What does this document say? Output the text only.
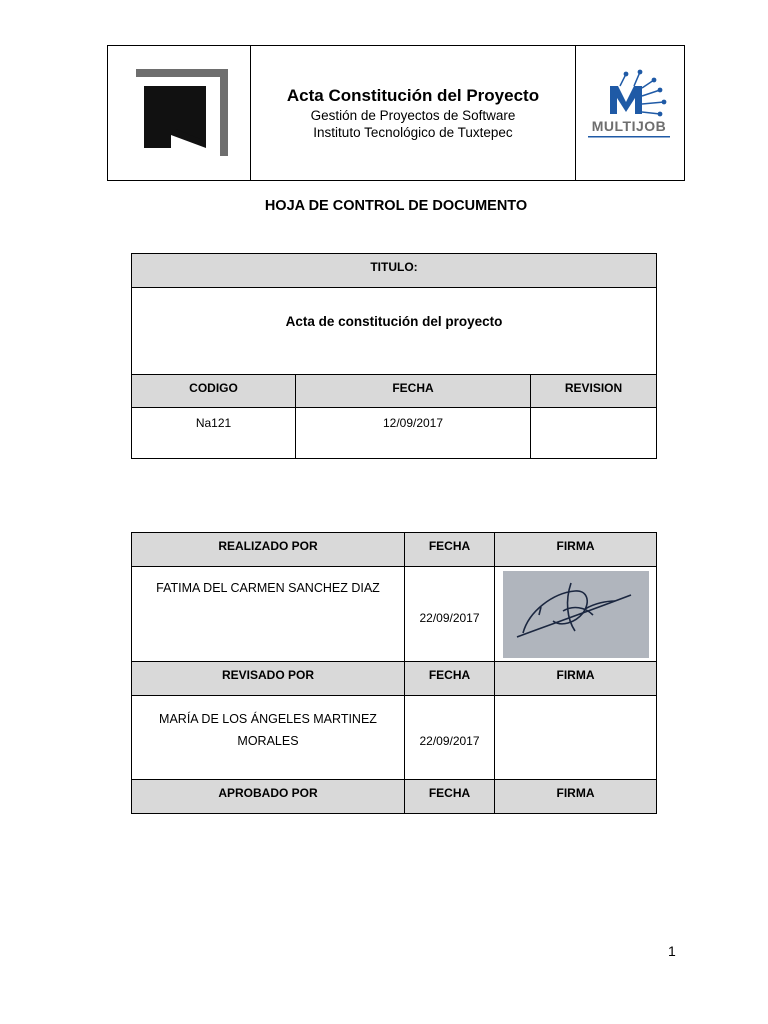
Acta Constitución del Proyecto
Gestión de Proyectos de Software
Instituto Tecnológico de Tuxtepec	MULTIJOB
HOJA DE CONTROL DE DOCUMENTO
TITULO:		
Acta de constitución del proyecto		
CODIGO	FECHA	REVISION
Na121	12/09/2017	
REALIZADO POR	FECHA	FIRMA
FATIMA DEL CARMEN SANCHEZ DIAZ	22/09/2017	

REVISADO POR	FECHA	FIRMA

MARÍA DE LOS ÁNGELES MARTINEZ
MORALES	22/09/2017	
APROBADO POR	FECHA	FIRMA
1
